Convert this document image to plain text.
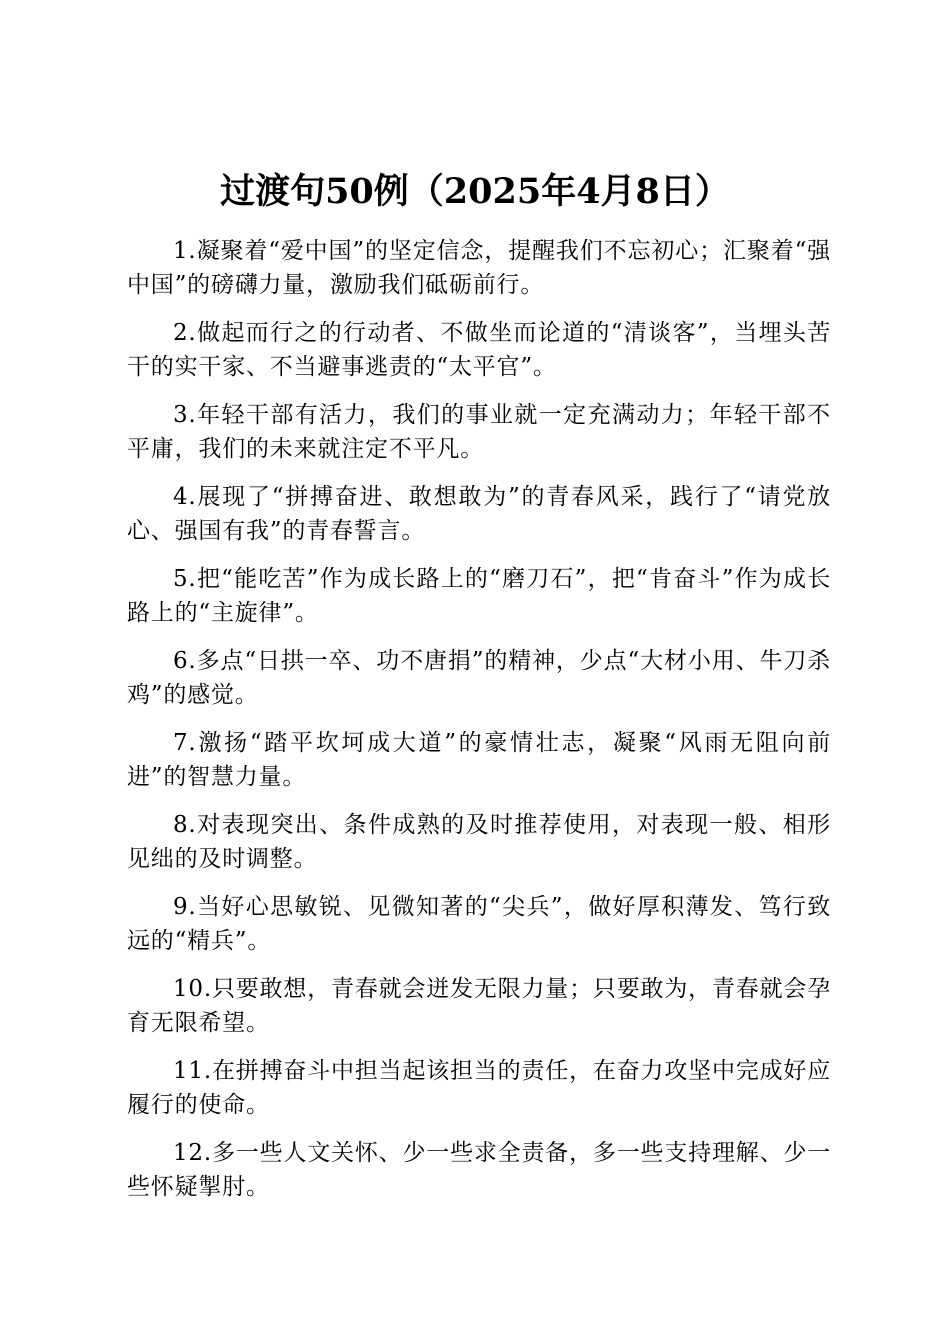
过渡句50例（2025年4月8日）
1.凝聚着“爱中国”的坚定信念，提醒我们不忘初心；汇聚着“强中国”的磅礴力量，激励我们砥砺前行。
2.做起而行之的行动者、不做坐而论道的“清谈客”，当埋头苦干的实干家、不当避事逃责的“太平官”。
3.年轻干部有活力，我们的事业就一定充满动力；年轻干部不平庸，我们的未来就注定不平凡。
4.展现了“拼搏奋进、敢想敢为”的青春风采，践行了“请党放心、强国有我”的青春誓言。
5.把“能吃苦”作为成长路上的“磨刀石”，把“肯奋斗”作为成长路上的“主旋律”。
6.多点“日拱一卒、功不唐捐”的精神，少点“大材小用、牛刀杀鸡”的感觉。
7.激扬“踏平坎坷成大道”的豪情壮志，凝聚“风雨无阻向前进”的智慧力量。
8.对表现突出、条件成熟的及时推荐使用，对表现一般、相形见绌的及时调整。
9.当好心思敏锐、见微知著的“尖兵”，做好厚积薄发、笃行致远的“精兵”。
10.只要敢想，青春就会迸发无限力量；只要敢为，青春就会孕育无限希望。
11.在拼搏奋斗中担当起该担当的责任，在奋力攻坚中完成好应履行的使命。
12.多一些人文关怀、少一些求全责备，多一些支持理解、少一些怀疑掣肘。
